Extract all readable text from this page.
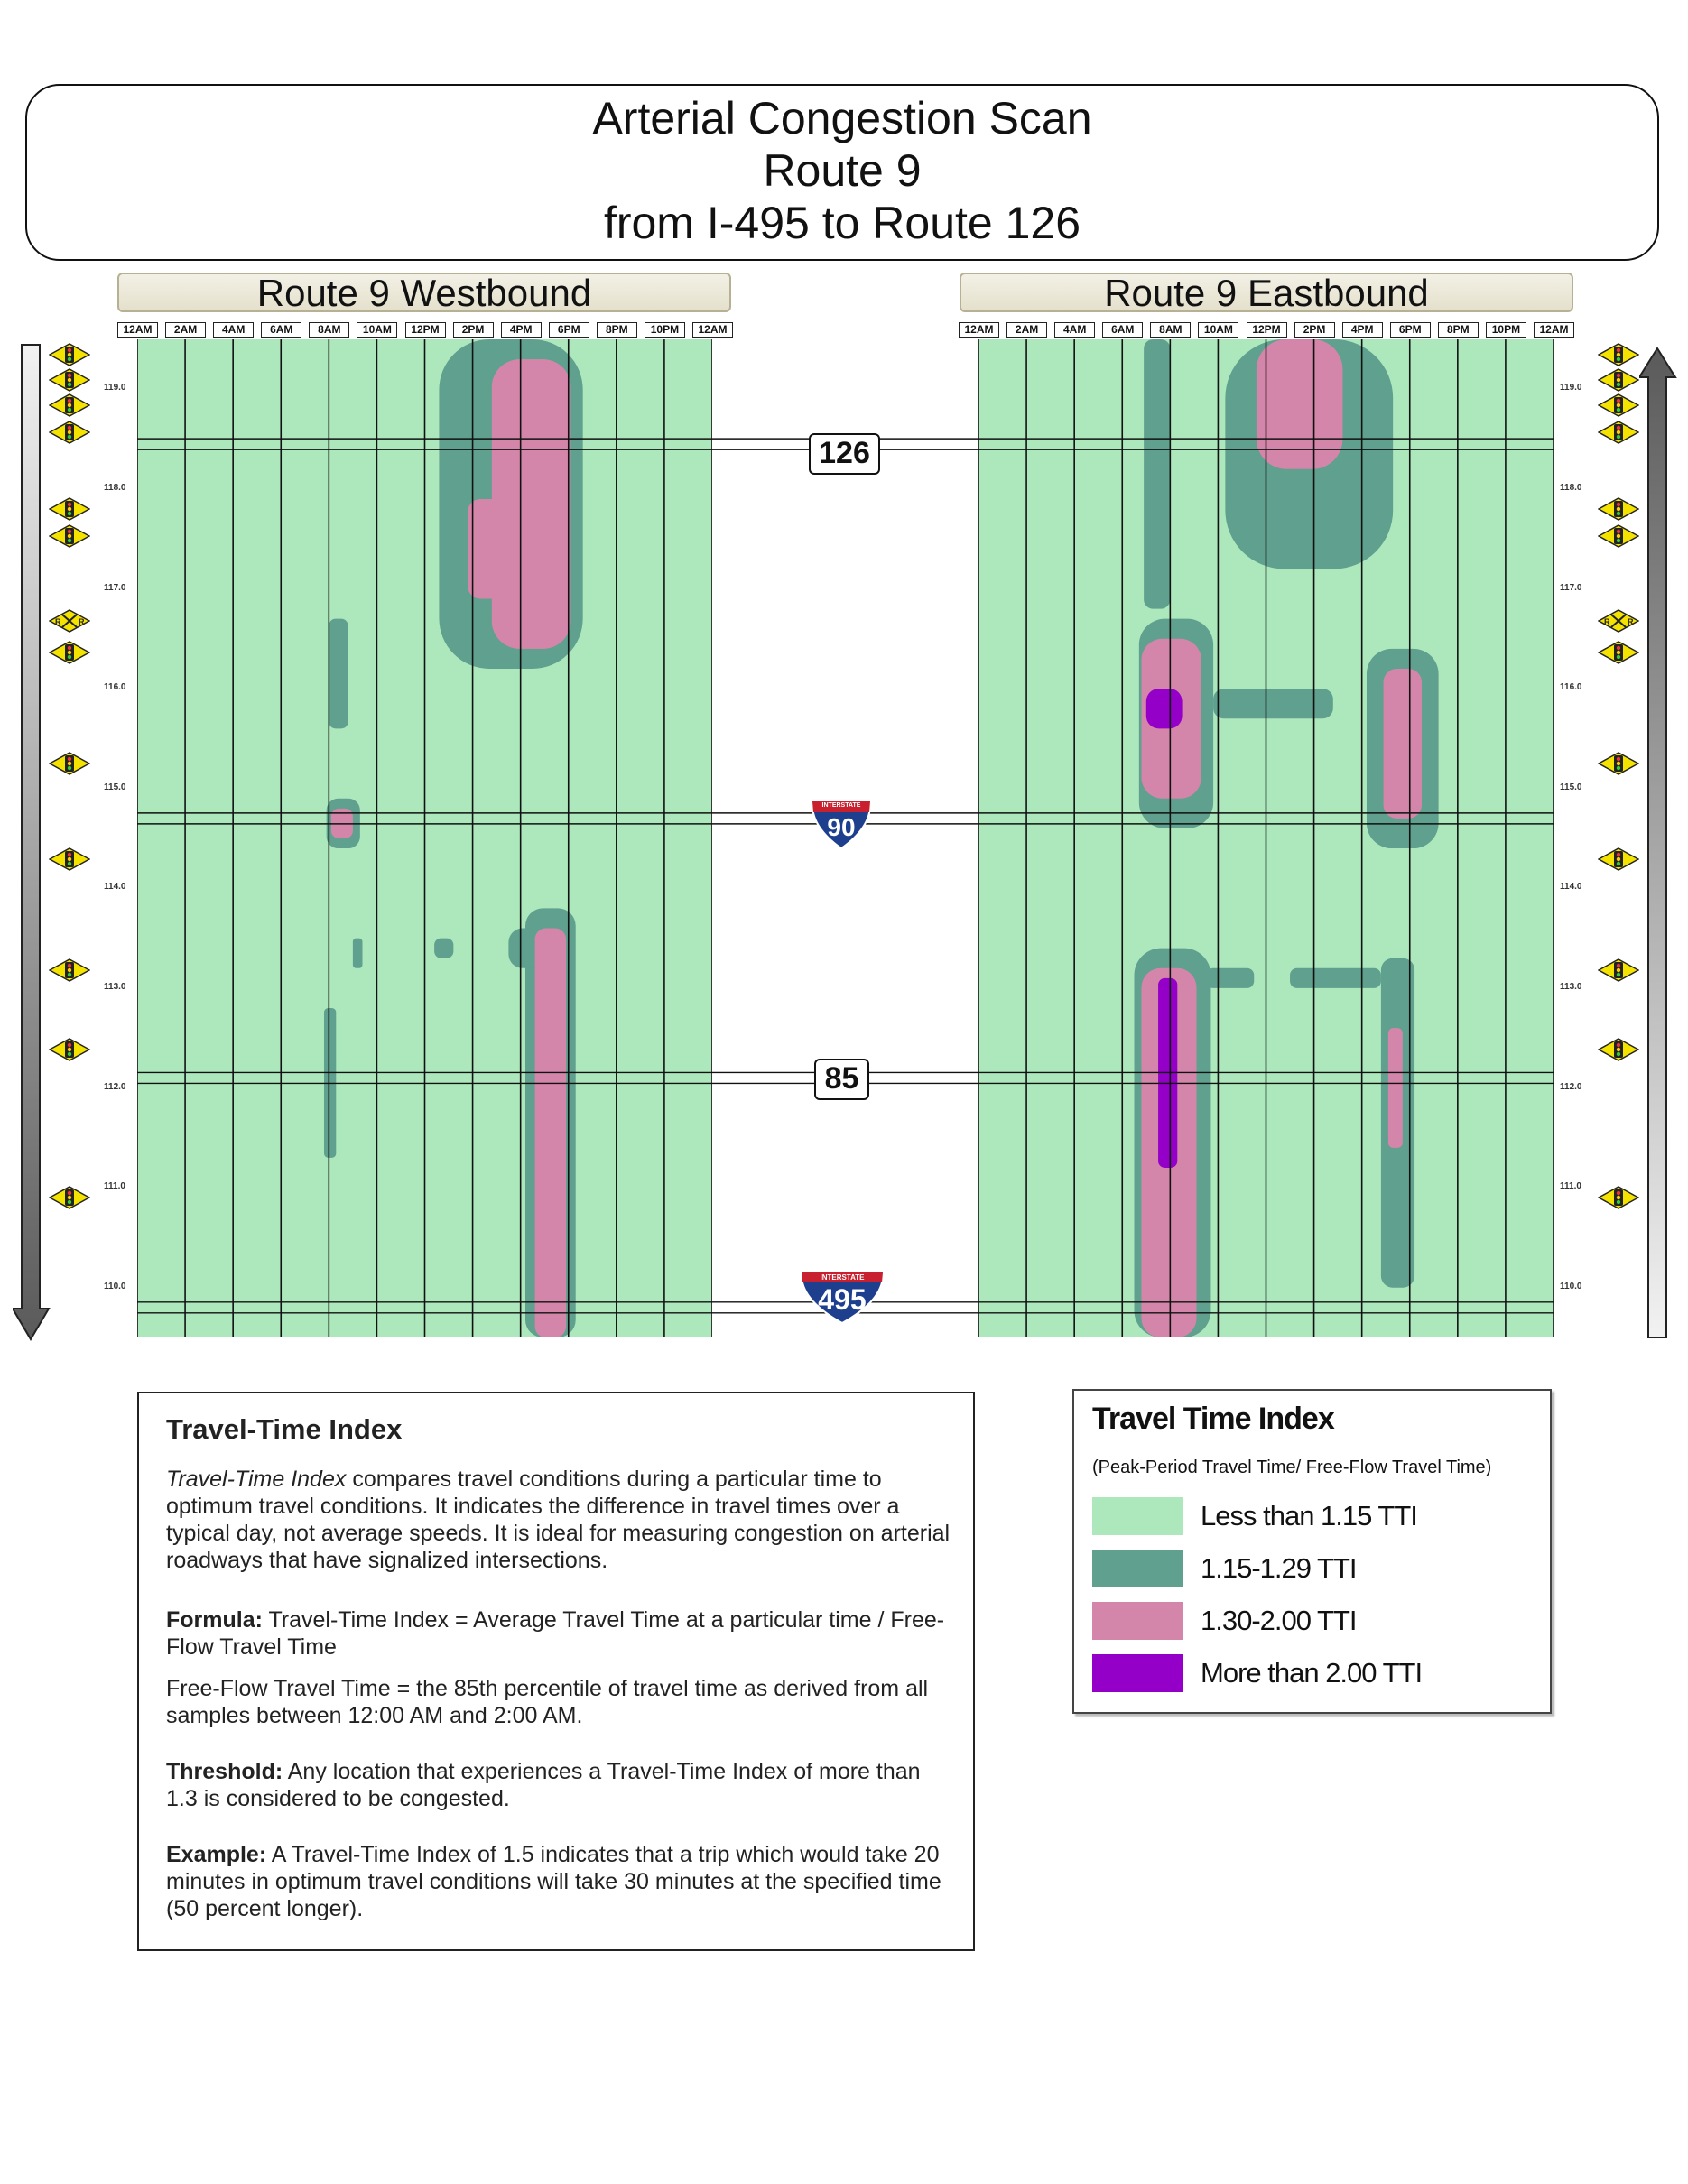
Arterial Congestion Scan
Route 9
from I-495 to Route 126
Route 9 Westbound	Route 9 Eastbound
12AM	2AM	4AM	6AM	8AM	10AM	12PM	2PM	4PM	6PM	8PM	10PM	12AM	12AM	2AM	4AM	6AM	8AM	10AM	12PM	2PM	4PM	6PM	8PM	10PM	12AM
119.0
118.0
117.0
116.0
115.0
114.0
113.0
112.0
111.0
110.0
119.0
118.0
117.0
116.0
115.0
114.0
113.0
112.0
111.0
110.0
126
85
INTERSTATE
90
INTERSTATE
495
R R	R R
Travel-Time Index

Travel-Time Index compares travel conditions during a particular time to optimum travel conditions. It indicates the difference in travel times over a typical day, not average speeds. It is ideal for measuring congestion on arterial roadways that have signalized intersections.

Formula: Travel-Time Index = Average Travel Time at a particular time / Free-Flow Travel Time

Free-Flow Travel Time = the 85th percentile of travel time as derived from all samples between 12:00 AM and 2:00 AM.

Threshold: Any location that experiences a Travel-Time Index of more than 1.3 is considered to be congested.

Example: A Travel-Time Index of 1.5 indicates that a trip which would take 20 minutes in optimum travel conditions will take 30 minutes at the specified time (50 percent longer).

Travel Time Index
(Peak-Period Travel Time/ Free-Flow Travel Time)
Less than 1.15 TTI
1.15-1.29 TTI
1.30-2.00 TTI
More than 2.00 TTI
